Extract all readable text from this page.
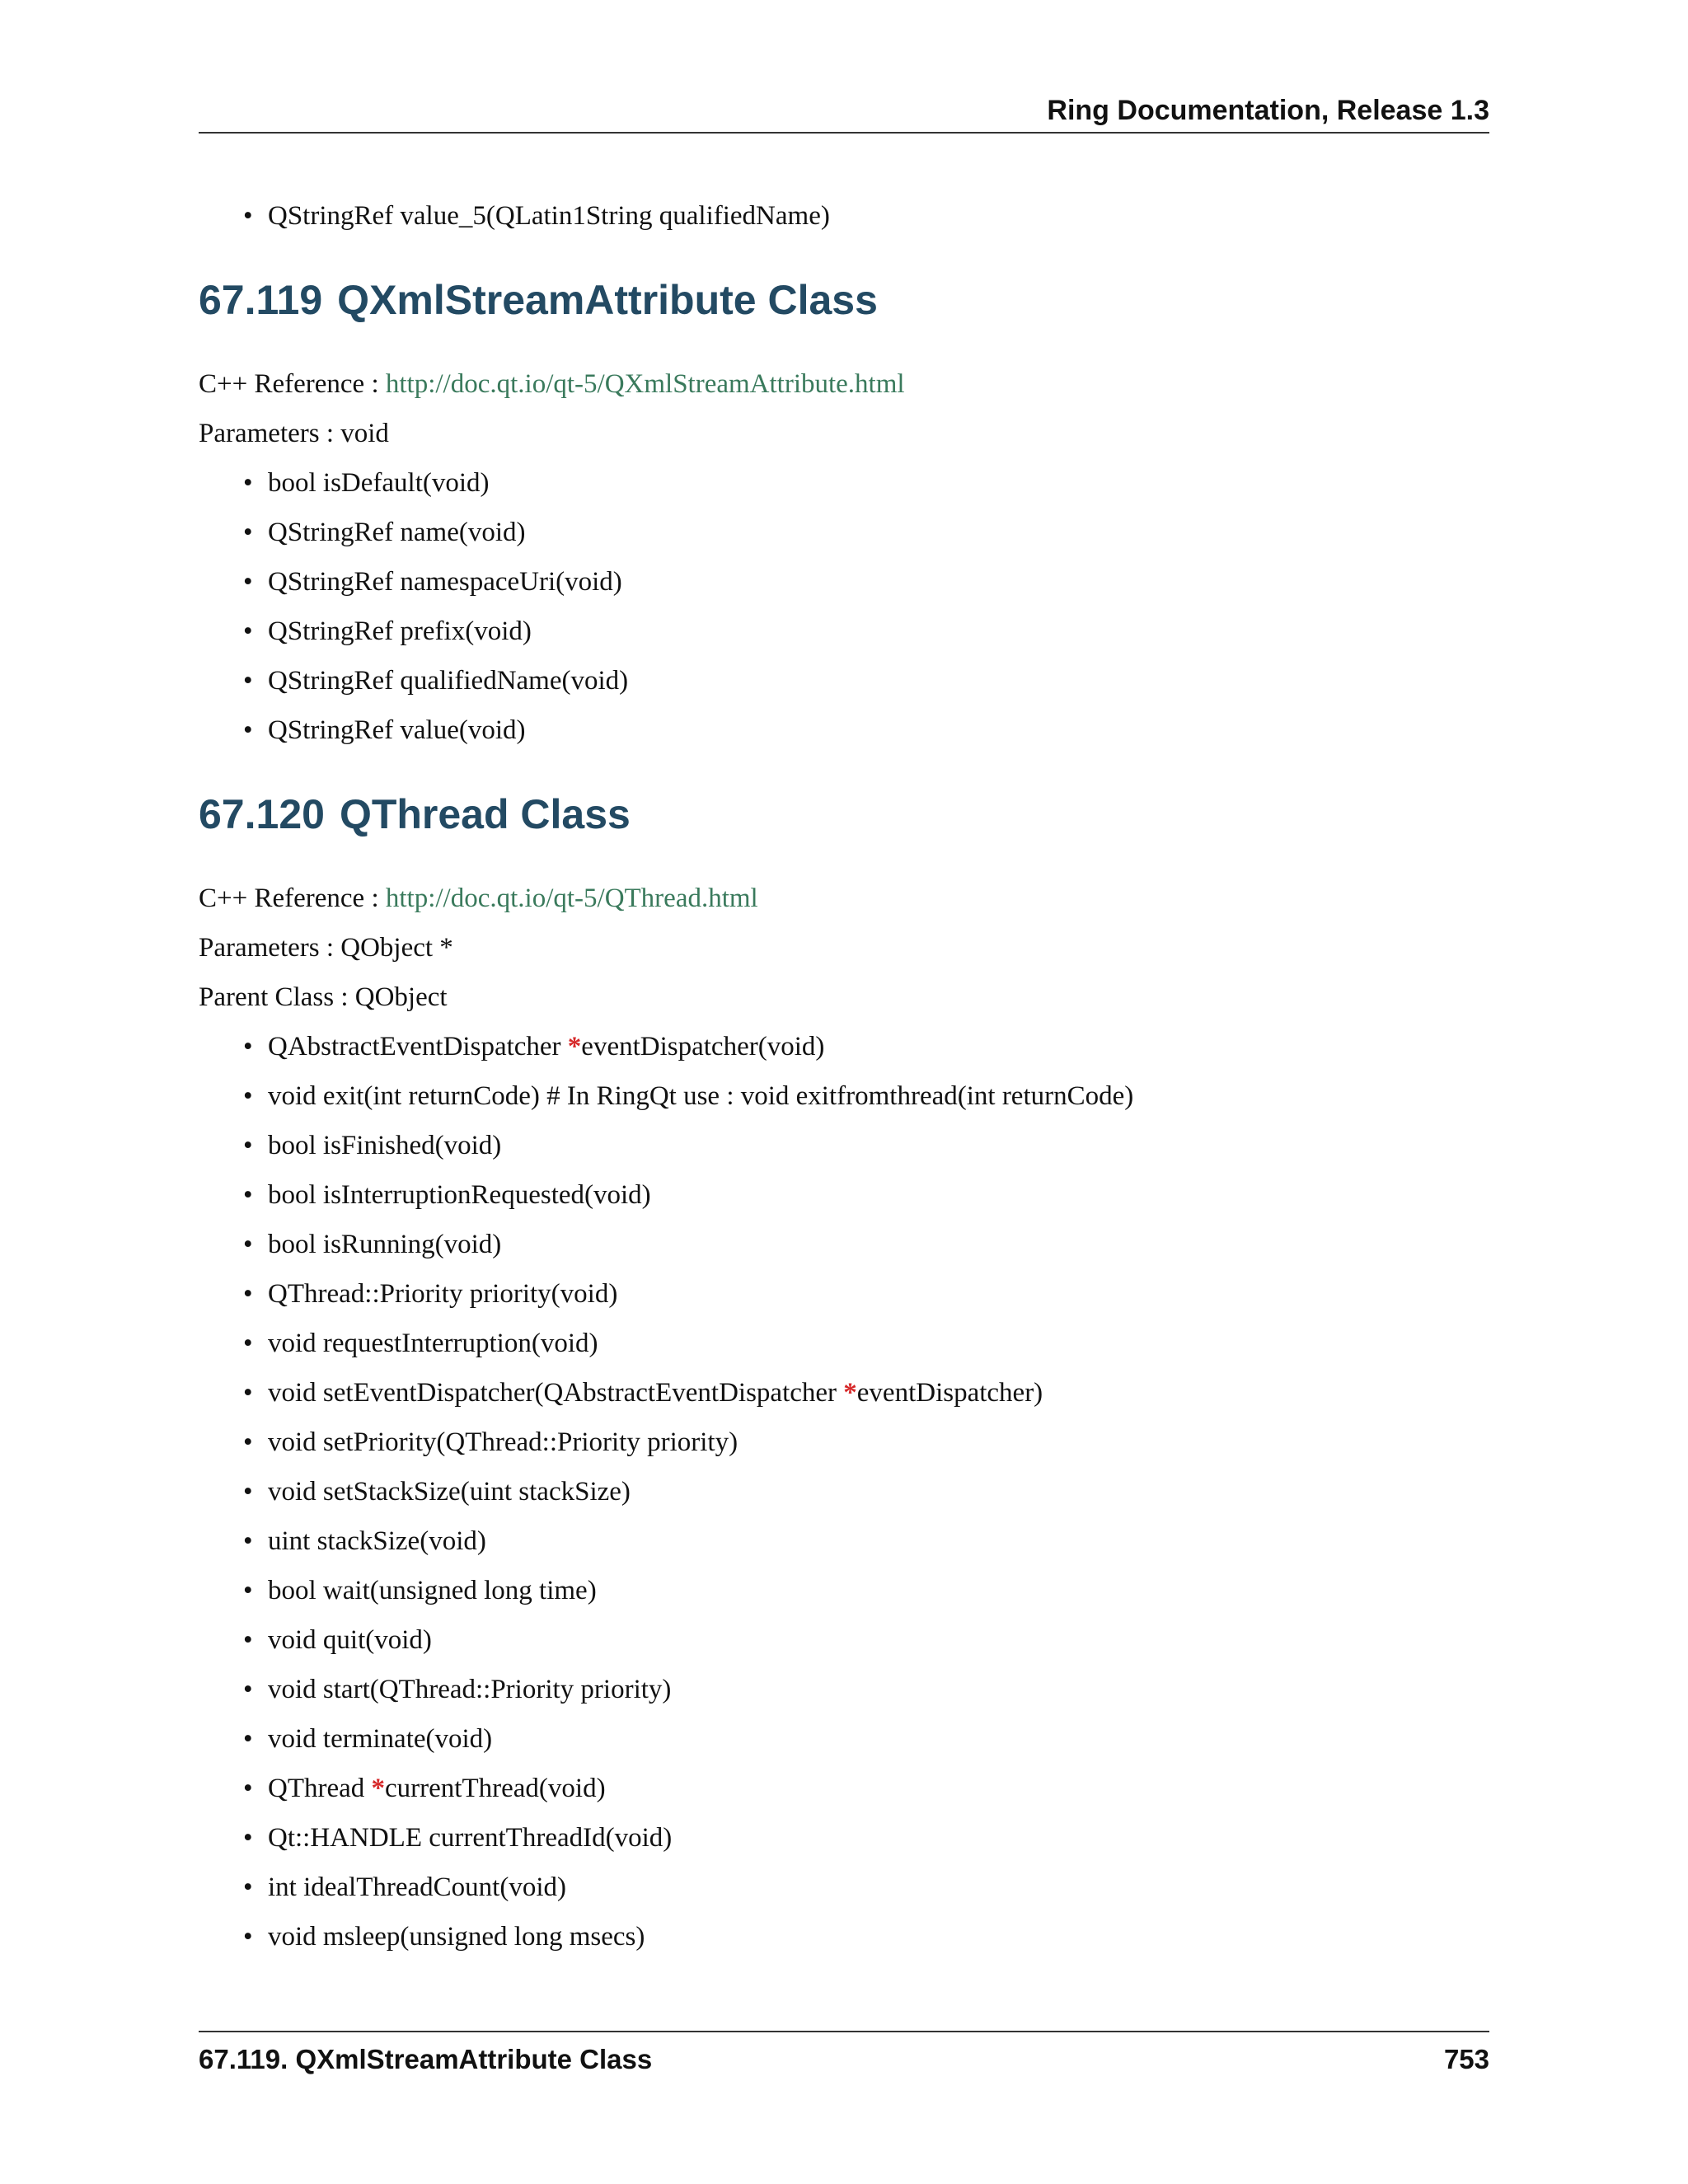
Ring Documentation, Release 1.3
• QStringRef value_5(QLatin1String qualifiedName)
67.119 QXmlStreamAttribute Class
C++ Reference : http://doc.qt.io/qt-5/QXmlStreamAttribute.html
Parameters : void
• bool isDefault(void)
• QStringRef name(void)
• QStringRef namespaceUri(void)
• QStringRef prefix(void)
• QStringRef qualifiedName(void)
• QStringRef value(void)
67.120 QThread Class
C++ Reference : http://doc.qt.io/qt-5/QThread.html
Parameters : QObject *
Parent Class : QObject
• QAbstractEventDispatcher *eventDispatcher(void)
• void exit(int returnCode) # In RingQt use : void exitfromthread(int returnCode)
• bool isFinished(void)
• bool isInterruptionRequested(void)
• bool isRunning(void)
• QThread::Priority priority(void)
• void requestInterruption(void)
• void setEventDispatcher(QAbstractEventDispatcher *eventDispatcher)
• void setPriority(QThread::Priority priority)
• void setStackSize(uint stackSize)
• uint stackSize(void)
• bool wait(unsigned long time)
• void quit(void)
• void start(QThread::Priority priority)
• void terminate(void)
• QThread *currentThread(void)
• Qt::HANDLE currentThreadId(void)
• int idealThreadCount(void)
• void msleep(unsigned long msecs)
67.119. QXmlStreamAttribute Class	753
